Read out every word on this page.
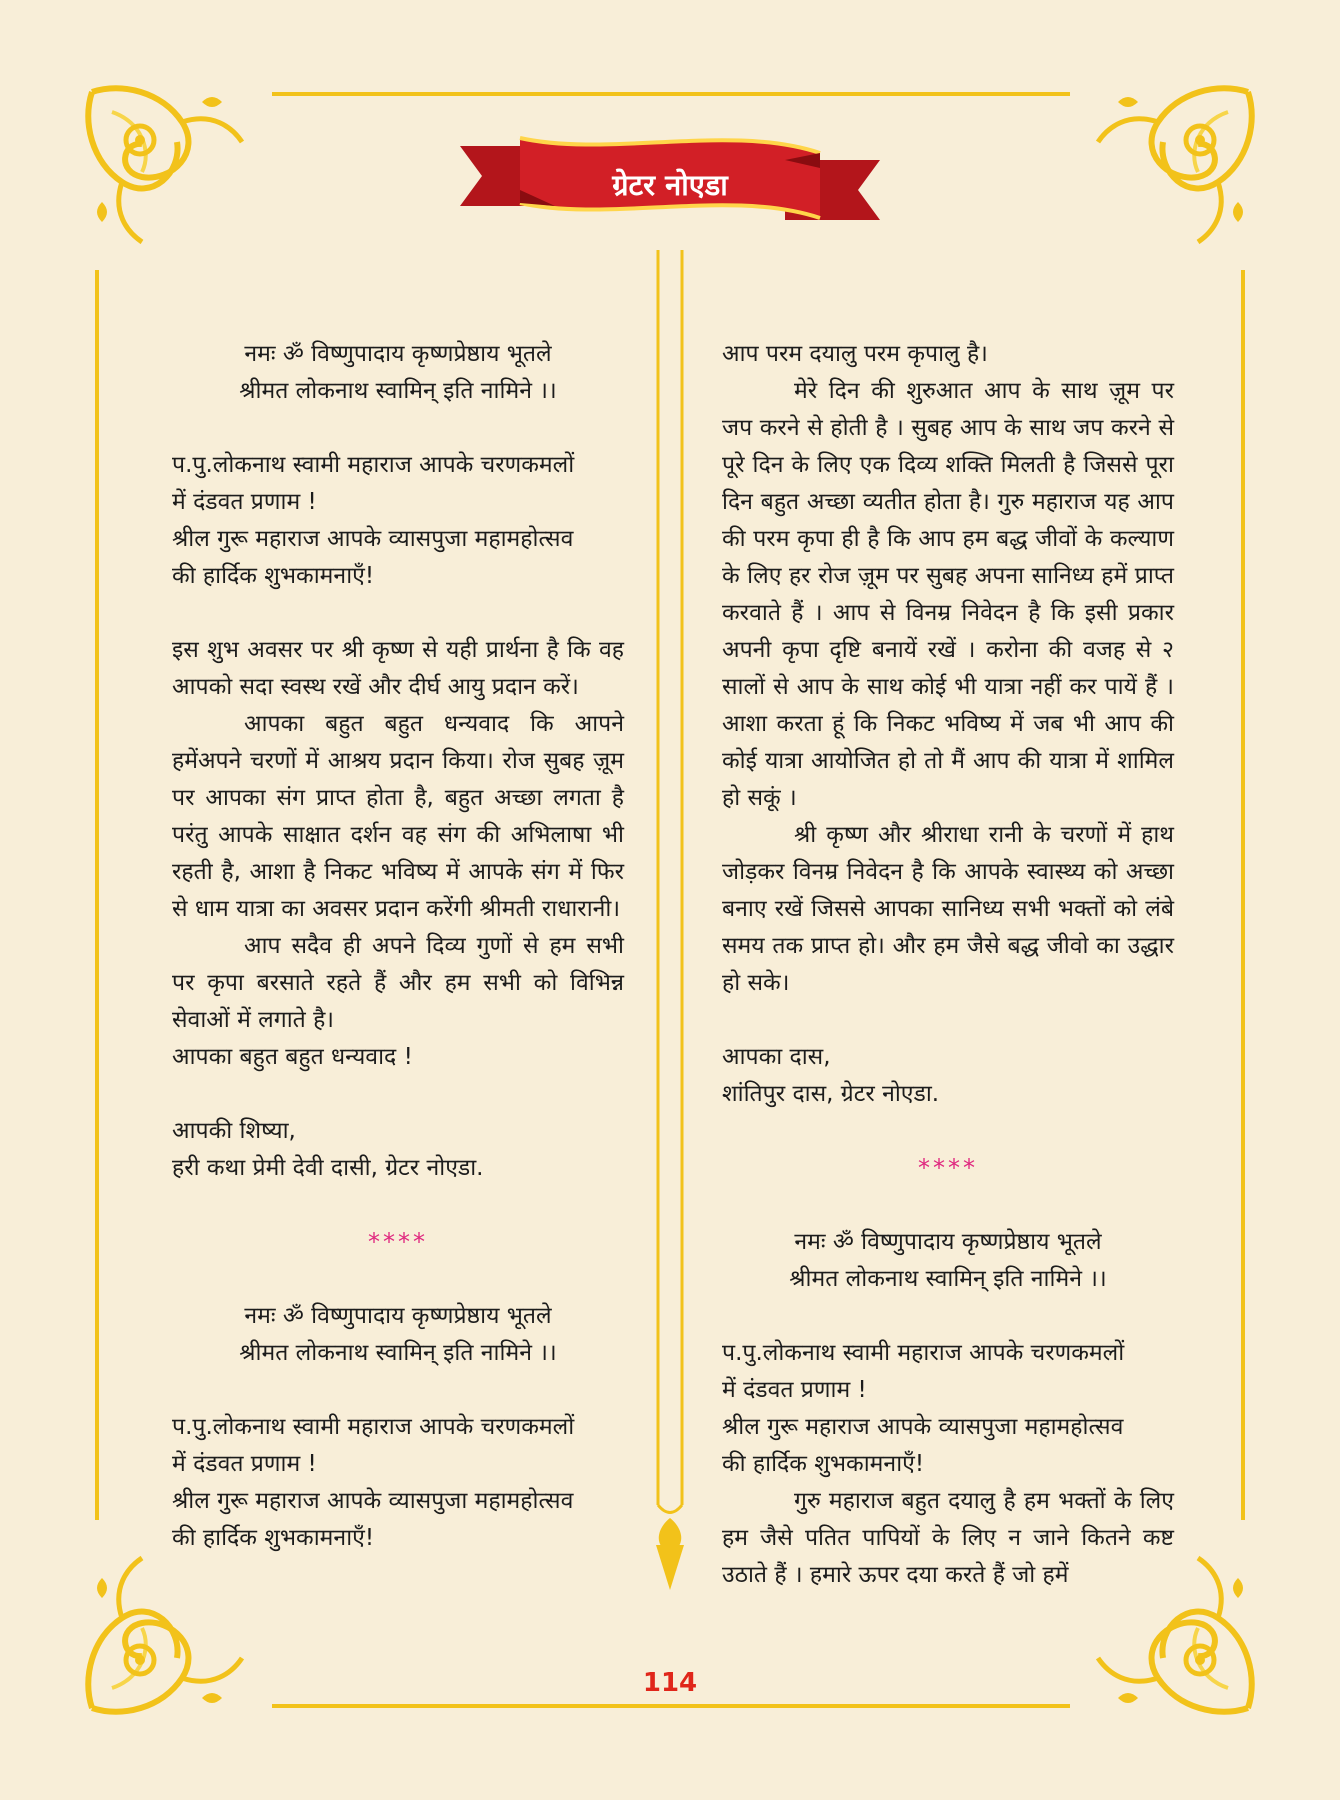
ग्रेटर नोएडा

नमः ॐ विष्णुपादाय कृष्णप्रेष्ठाय भूतले

श्रीमत लोकनाथ स्वामिन् इति नामिने ।।

प.पु.लोकनाथ स्वामी महाराज आपके चरणकमलों

में दंडवत प्रणाम !

श्रील गुरू महाराज आपके व्यासपुजा महामहोत्सव

की हार्दिक शुभकामनाएँ!

इस शुभ अवसर पर श्री कृष्ण से यही प्रार्थना है कि वह आपको सदा स्वस्थ रखें और दीर्घ आयु प्रदान करें।

आपका बहुत बहुत धन्यवाद कि आपने हमेंअपने चरणों में आश्रय प्रदान किया। रोज सुबह ज़ूम पर आपका संग प्राप्त होता है, बहुत अच्छा लगता है परंतु आपके साक्षात दर्शन वह संग की अभिलाषा भी रहती है, आशा है निकट भविष्य में आपके संग में फिर से धाम यात्रा का अवसर प्रदान करेंगी श्रीमती राधारानी।

आप सदैव ही अपने दिव्य गुणों से हम सभी पर कृपा बरसाते रहते हैं और हम सभी को विभिन्न सेवाओं में लगाते है।

आपका बहुत बहुत धन्यवाद !

आपकी शिष्या,

हरी कथा प्रेमी देवी दासी, ग्रेटर नोएडा.

****

नमः ॐ विष्णुपादाय कृष्णप्रेष्ठाय भूतले

श्रीमत लोकनाथ स्वामिन् इति नामिने ।।

प.पु.लोकनाथ स्वामी महाराज आपके चरणकमलों

में दंडवत प्रणाम !

श्रील गुरू महाराज आपके व्यासपुजा महामहोत्सव

की हार्दिक शुभकामनाएँ!

आप परम दयालु परम कृपालु है।

मेरे दिन की शुरुआत आप के साथ ज़ूम पर जप करने से होती है । सुबह आप के साथ जप करने से पूरे दिन के लिए एक दिव्य शक्ति मिलती है जिससे पूरा दिन बहुत अच्छा व्यतीत होता है। गुरु महाराज यह आप की परम कृपा ही है कि आप हम बद्ध जीवों के कल्याण के लिए हर रोज ज़ूम पर सुबह अपना सानिध्य हमें प्राप्त करवाते हैं । आप से विनम्र निवेदन है कि इसी प्रकार अपनी कृपा दृष्टि बनायें रखें । करोना की वजह से २ सालों से आप के साथ कोई भी यात्रा नहीं कर पायें हैं । आशा करता हूं कि निकट भविष्य में जब भी आप की कोई यात्रा आयोजित हो तो मैं आप की यात्रा में शामिल हो सकूं ।

श्री कृष्ण और श्रीराधा रानी के चरणों में हाथ जोड़कर विनम्र निवेदन है कि आपके स्वास्थ्य को अच्छा बनाए रखें जिससे आपका सानिध्य सभी भक्तों को लंबे समय तक प्राप्त हो। और हम जैसे बद्ध जीवो का उद्धार हो सके।

आपका दास,

शांतिपुर दास, ग्रेटर नोएडा.

****

नमः ॐ विष्णुपादाय कृष्णप्रेष्ठाय भूतले

श्रीमत लोकनाथ स्वामिन् इति नामिने ।।

प.पु.लोकनाथ स्वामी महाराज आपके चरणकमलों

में दंडवत प्रणाम !

श्रील गुरू महाराज आपके व्यासपुजा महामहोत्सव

की हार्दिक शुभकामनाएँ!

गुरु महाराज बहुत दयालु है हम भक्तों के लिए हम जैसे पतित पापियों के लिए न जाने कितने कष्ट उठाते हैं । हमारे ऊपर दया करते हैं जो हमें

114
